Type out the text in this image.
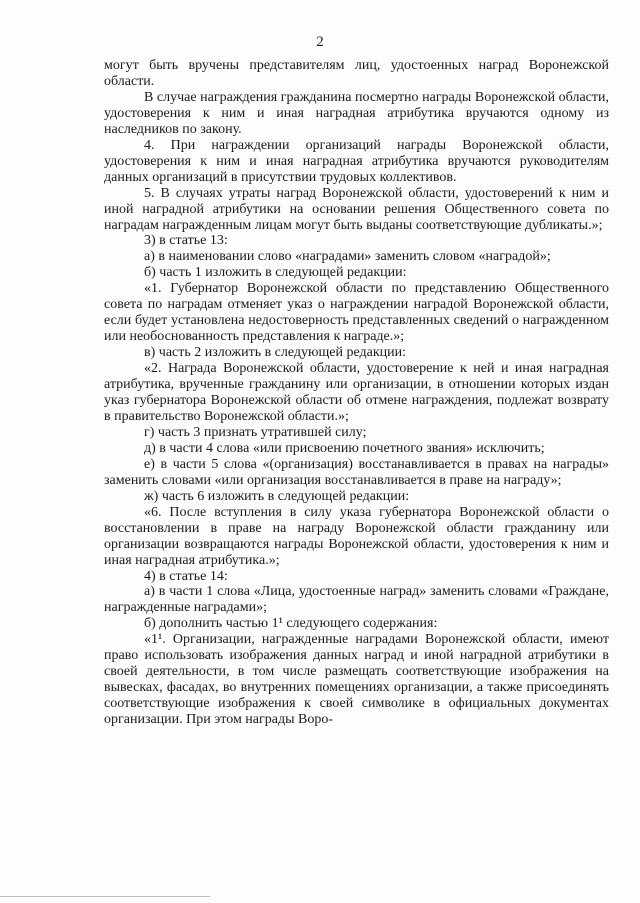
2

могут быть вручены представителям лиц, удостоенных наград Воронежской области.

В случае награждения гражданина посмертно награды Воронежской области, удостоверения к ним и иная наградная атрибутика вручаются одному из наследников по закону.

4. При награждении организаций награды Воронежской области, удостоверения к ним и иная наградная атрибутика вручаются руководителям данных организаций в присутствии трудовых коллективов.

5. В случаях утраты наград Воронежской области, удостоверений к ним и иной наградной атрибутики на основании решения Общественного совета по наградам награжденным лицам могут быть выданы соответствующие дубликаты.»;

3) в статье 13:

а) в наименовании слово «наградами» заменить словом «наградой»;

б) часть 1 изложить в следующей редакции:

«1. Губернатор Воронежской области по представлению Общественного совета по наградам отменяет указ о награждении наградой Воронежской области, если будет установлена недостоверность представленных сведений о награжденном или необоснованность представления к награде.»;

в) часть 2 изложить в следующей редакции:

«2. Награда Воронежской области, удостоверение к ней и иная наградная атрибутика, врученные гражданину или организации, в отношении которых издан указ губернатора Воронежской области об отмене награждения, подлежат возврату в правительство Воронежской области.»;

г) часть 3 признать утратившей силу;

д) в части 4 слова «или присвоению почетного звания» исключить;

е) в части 5 слова «(организация) восстанавливается в правах на награды» заменить словами «или организация восстанавливается в праве на награду»;

ж) часть 6 изложить в следующей редакции:

«6. После вступления в силу указа губернатора Воронежской области о восстановлении в праве на награду Воронежской области гражданину или организации возвращаются награды Воронежской области, удостоверения к ним и иная наградная атрибутика.»;

4) в статье 14:

а) в части 1 слова «Лица, удостоенные наград» заменить словами «Граждане, награжденные наградами»;

б) дополнить частью 1¹ следующего содержания:

«1¹. Организации, награжденные наградами Воронежской области, имеют право использовать изображения данных наград и иной наградной атрибутики в своей деятельности, в том числе размещать соответствующие изображения на вывесках, фасадах, во внутренних помещениях организации, а также присоединять соответствующие изображения к своей символике в официальных документах организации. При этом награды Воро-
